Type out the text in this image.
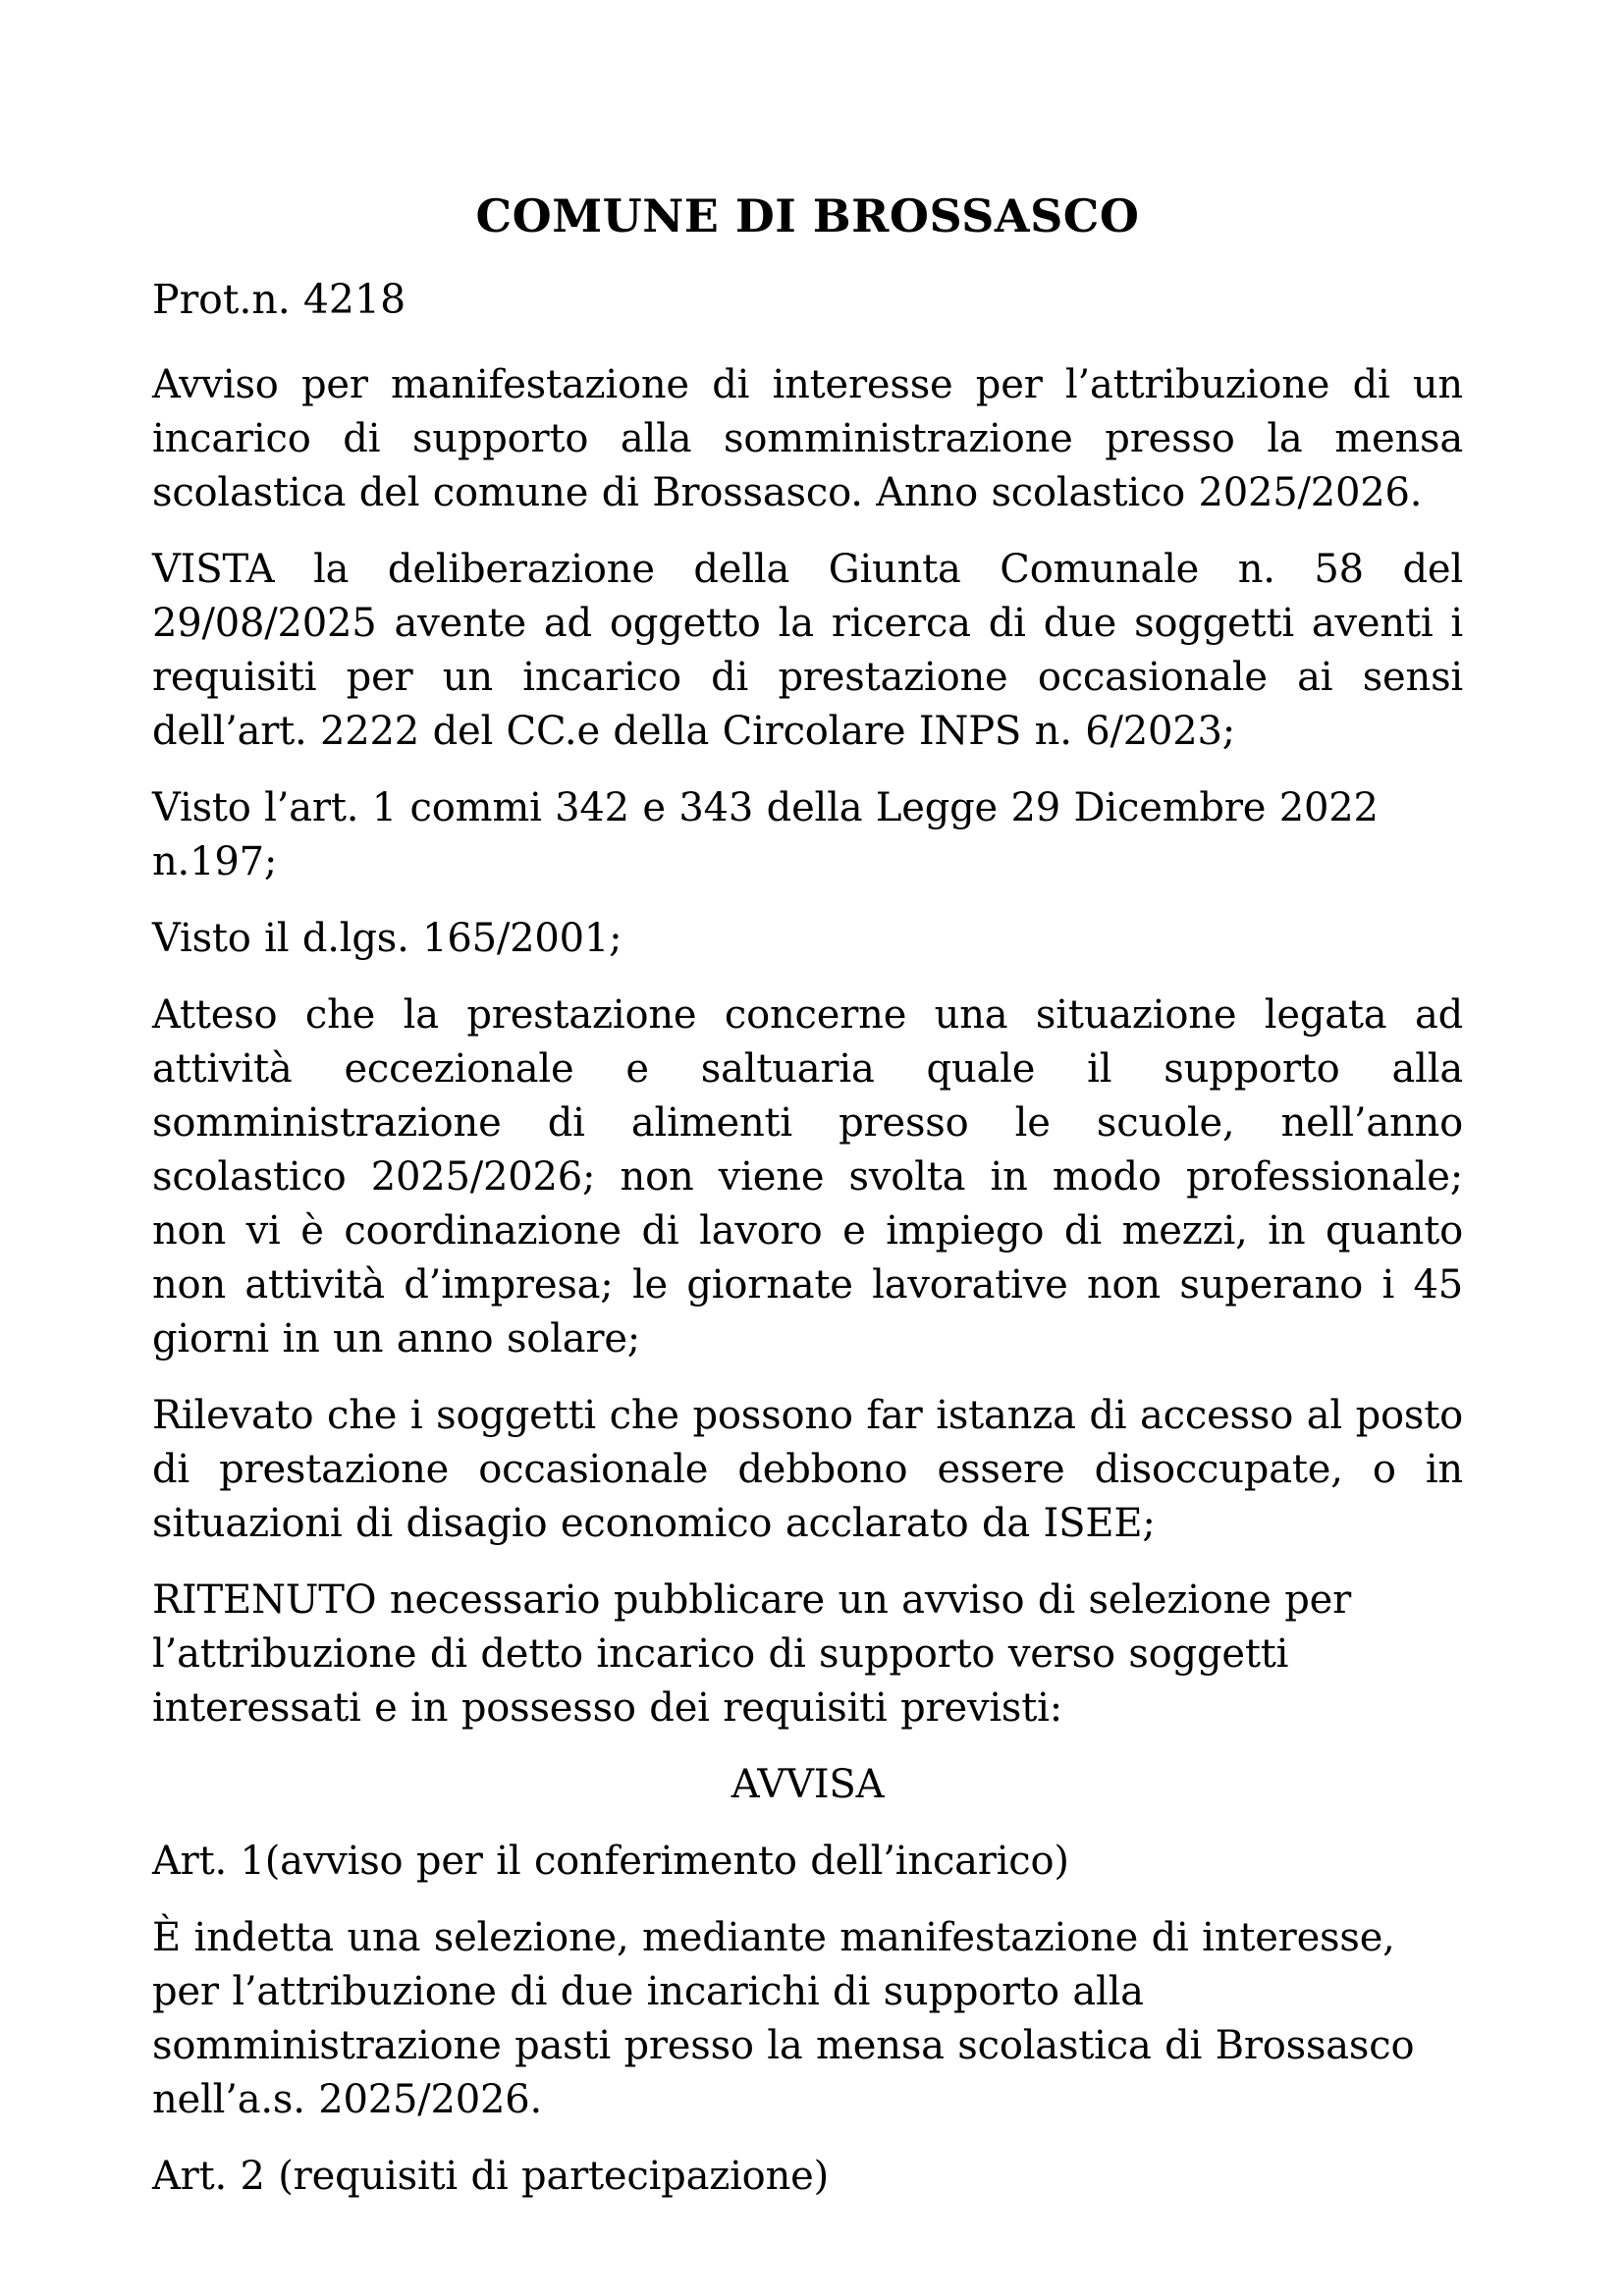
COMUNE DI BROSSASCO

Prot.n. 4218

Avviso per manifestazione di interesse per l’attribuzione di un incarico di supporto alla somministrazione presso la mensa scolastica del comune di Brossasco. Anno scolastico 2025/2026.

VISTA la deliberazione della Giunta Comunale n. 58 del 29/08/2025 avente ad oggetto la ricerca di due soggetti aventi i requisiti per un incarico di prestazione occasionale ai sensi dell’art. 2222 del CC.e della Circolare INPS n. 6/2023;

Visto l’art. 1 commi 342 e 343 della Legge 29 Dicembre 2022 n.197;

Visto il d.lgs. 165/2001;

Atteso che la prestazione concerne una situazione legata ad attività eccezionale e saltuaria quale il supporto alla somministrazione di alimenti presso le scuole, nell’anno scolastico 2025/2026; non viene svolta in modo professionale; non vi è coordinazione di lavoro e impiego di mezzi, in quanto non attività d’impresa; le giornate lavorative non superano i 45 giorni in un anno solare;

Rilevato che i soggetti che possono far istanza di accesso al posto di prestazione occasionale debbono essere disoccupate, o in situazioni di disagio economico acclarato da ISEE;

RITENUTO necessario pubblicare un avviso di selezione per l’attribuzione di detto incarico di supporto verso soggetti interessati e in possesso dei requisiti previsti:

AVVISA

Art. 1(avviso per il conferimento dell’incarico)

È indetta una selezione, mediante manifestazione di interesse, per l’attribuzione di due incarichi di supporto alla somministrazione pasti presso la mensa scolastica di Brossasco nell’a.s. 2025/2026.

Art. 2 (requisiti di partecipazione)
